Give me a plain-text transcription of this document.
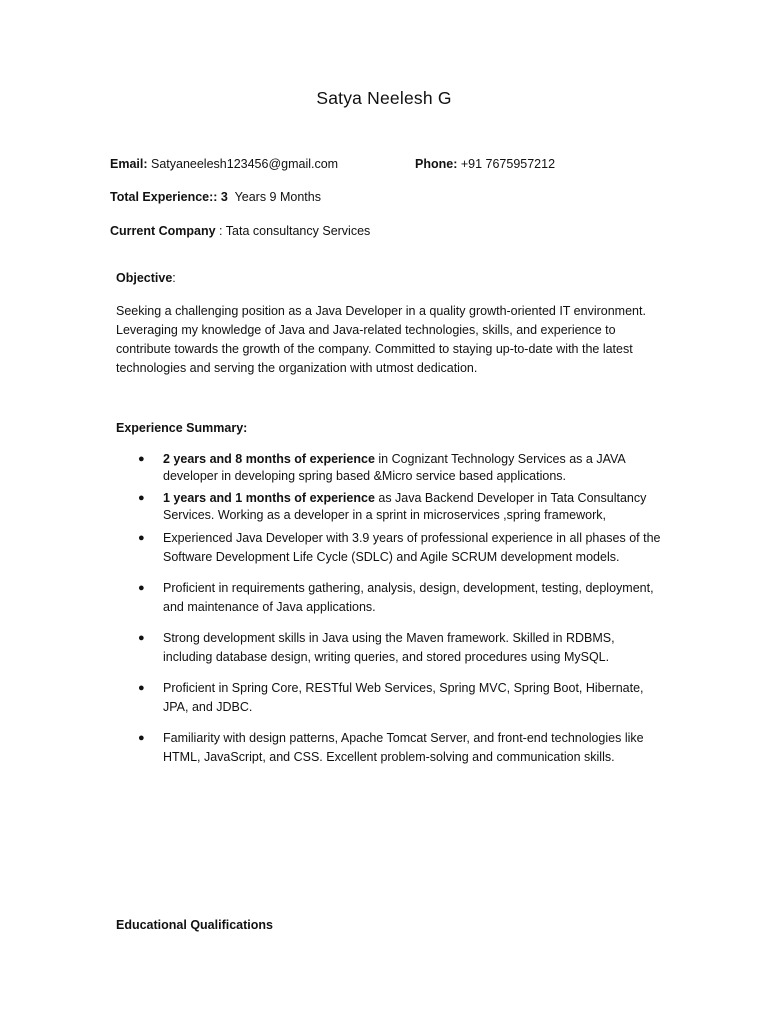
Satya Neelesh G
Email: Satyaneelesh123456@gmail.com	Phone: +91 7675957212
Total Experience:: 3  Years 9 Months
Current Company : Tata consultancy Services
Objective:

Seeking a challenging position as a Java Developer in a quality growth-oriented IT environment. Leveraging my knowledge of Java and Java-related technologies, skills, and experience to contribute towards the growth of the company. Committed to staying up-to-date with the latest technologies and serving the organization with utmost dedication.

Experience Summary:
● 2 years and 8 months of experience in Cognizant Technology Services as a JAVA developer in developing spring based &Micro service based applications.
● 1 years and 1 months of experience as Java Backend Developer in Tata Consultancy Services. Working as a developer in a sprint in microservices ,spring framework,
● Experienced Java Developer with 3.9 years of professional experience in all phases of the Software Development Life Cycle (SDLC) and Agile SCRUM development models.
● Proficient in requirements gathering, analysis, design, development, testing, deployment, and maintenance of Java applications.
● Strong development skills in Java using the Maven framework. Skilled in RDBMS, including database design, writing queries, and stored procedures using MySQL.
● Proficient in Spring Core, RESTful Web Services, Spring MVC, Spring Boot, Hibernate, JPA, and JDBC.
● Familiarity with design patterns, Apache Tomcat Server, and front-end technologies like HTML, JavaScript, and CSS. Excellent problem-solving and communication skills.
Educational Qualifications
